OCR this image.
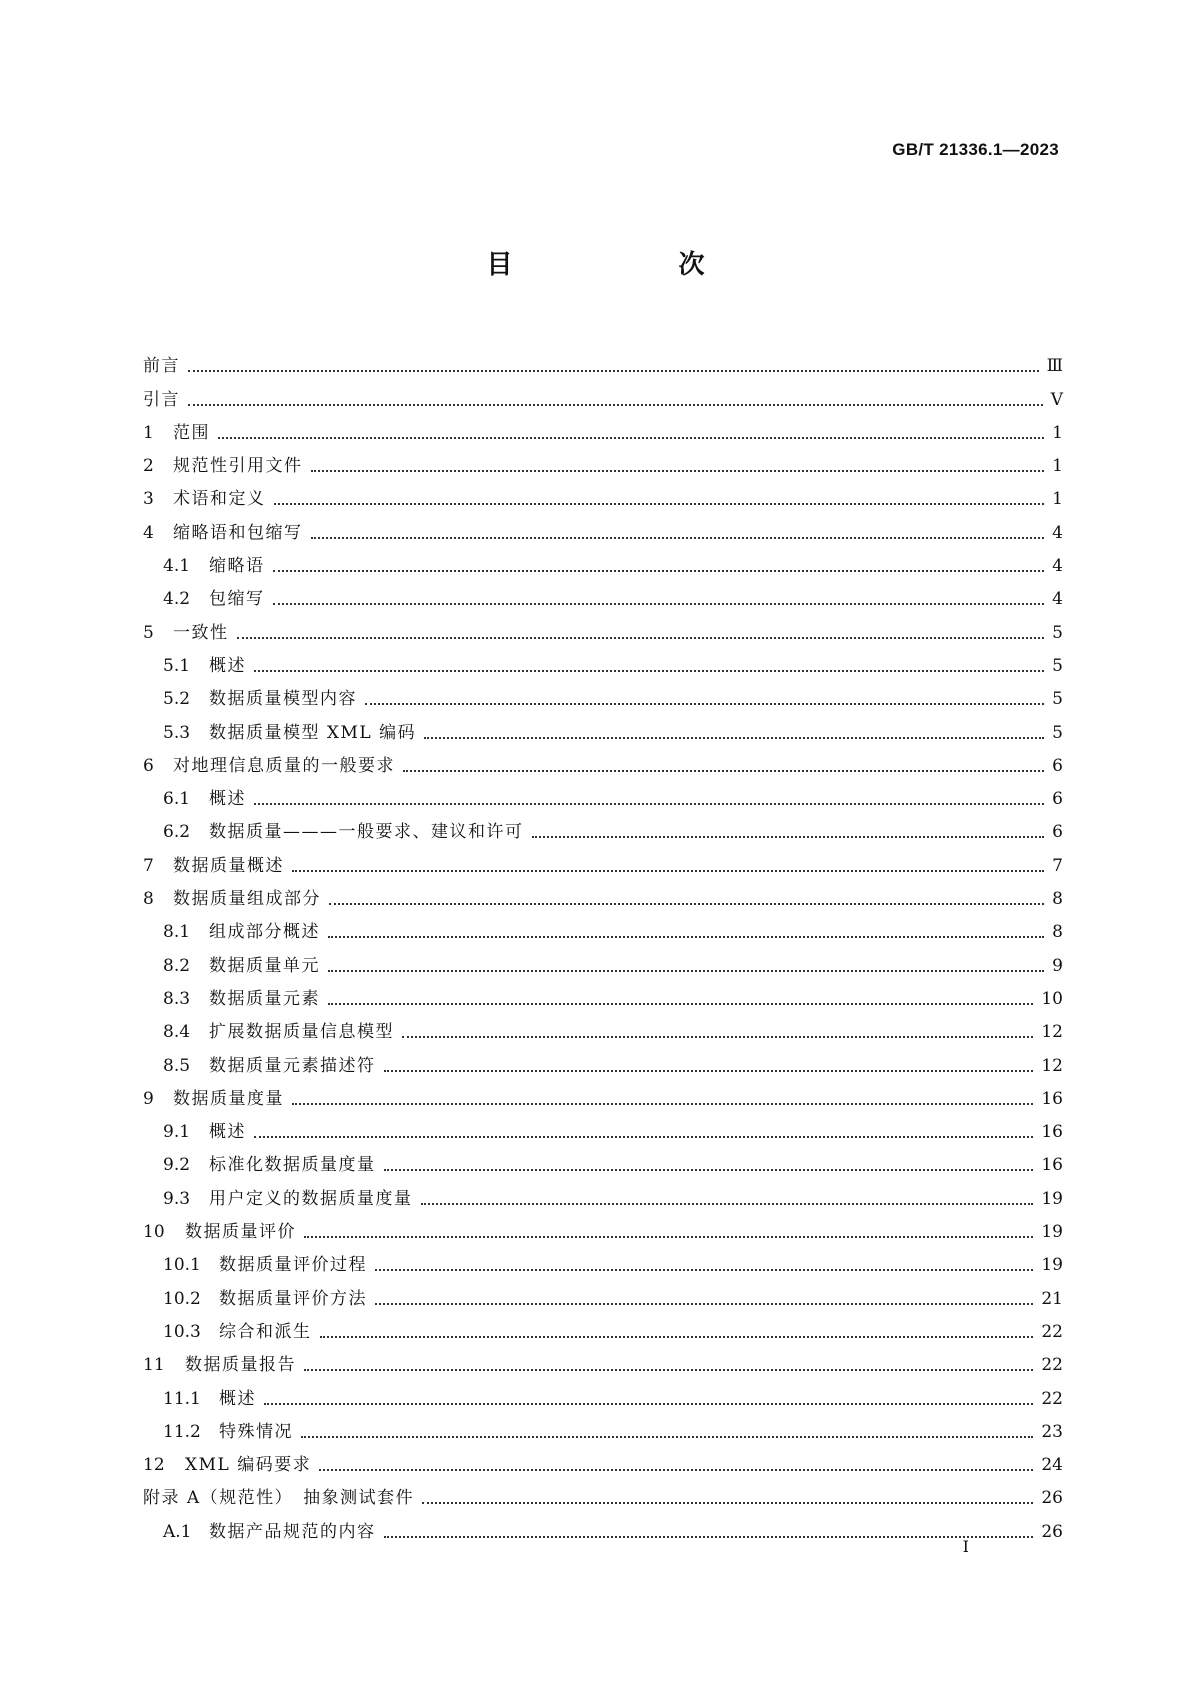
GB/T 21336.1—2023
目　次
前言	Ⅲ
引言	Ⅴ
1 范围	1
2 规范性引用文件	1
3 术语和定义	1
4 缩略语和包缩写	4
4.1 缩略语	4
4.2 包缩写	4
5 一致性	5
5.1 概述	5
5.2 数据质量模型内容	5
5.3 数据质量模型 XML 编码	5
6 对地理信息质量的一般要求	6
6.1 概述	6
6.2 数据质量———一般要求、建议和许可	6
7 数据质量概述	7
8 数据质量组成部分	8
8.1 组成部分概述	8
8.2 数据质量单元	9
8.3 数据质量元素	10
8.4 扩展数据质量信息模型	12
8.5 数据质量元素描述符	12
9 数据质量度量	16
9.1 概述	16
9.2 标准化数据质量度量	16
9.3 用户定义的数据质量度量	19
10 数据质量评价	19
10.1 数据质量评价过程	19
10.2 数据质量评价方法	21
10.3 综合和派生	22
11 数据质量报告	22
11.1 概述	22
11.2 特殊情况	23
12 XML 编码要求	24
附录 A（规范性）　抽象测试套件	26
A.1 数据产品规范的内容	26
Ⅰ
